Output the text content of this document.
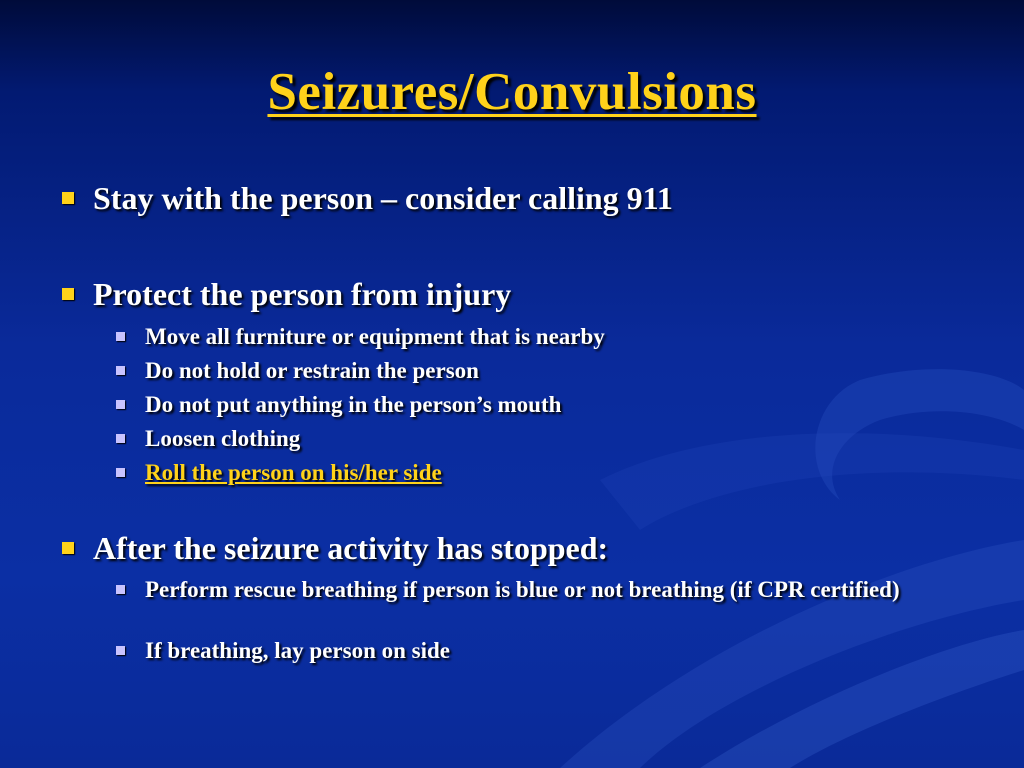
Seizures/Convulsions
Stay with the person – consider calling 911
Protect the person from injury
Move all furniture or equipment that is nearby
Do not hold or restrain the person
Do not put anything in the person’s mouth
Loosen clothing
Roll the person on his/her side
After the seizure activity has stopped:
Perform rescue breathing if person is blue or not breathing (if CPR certified)
If breathing, lay person on side
